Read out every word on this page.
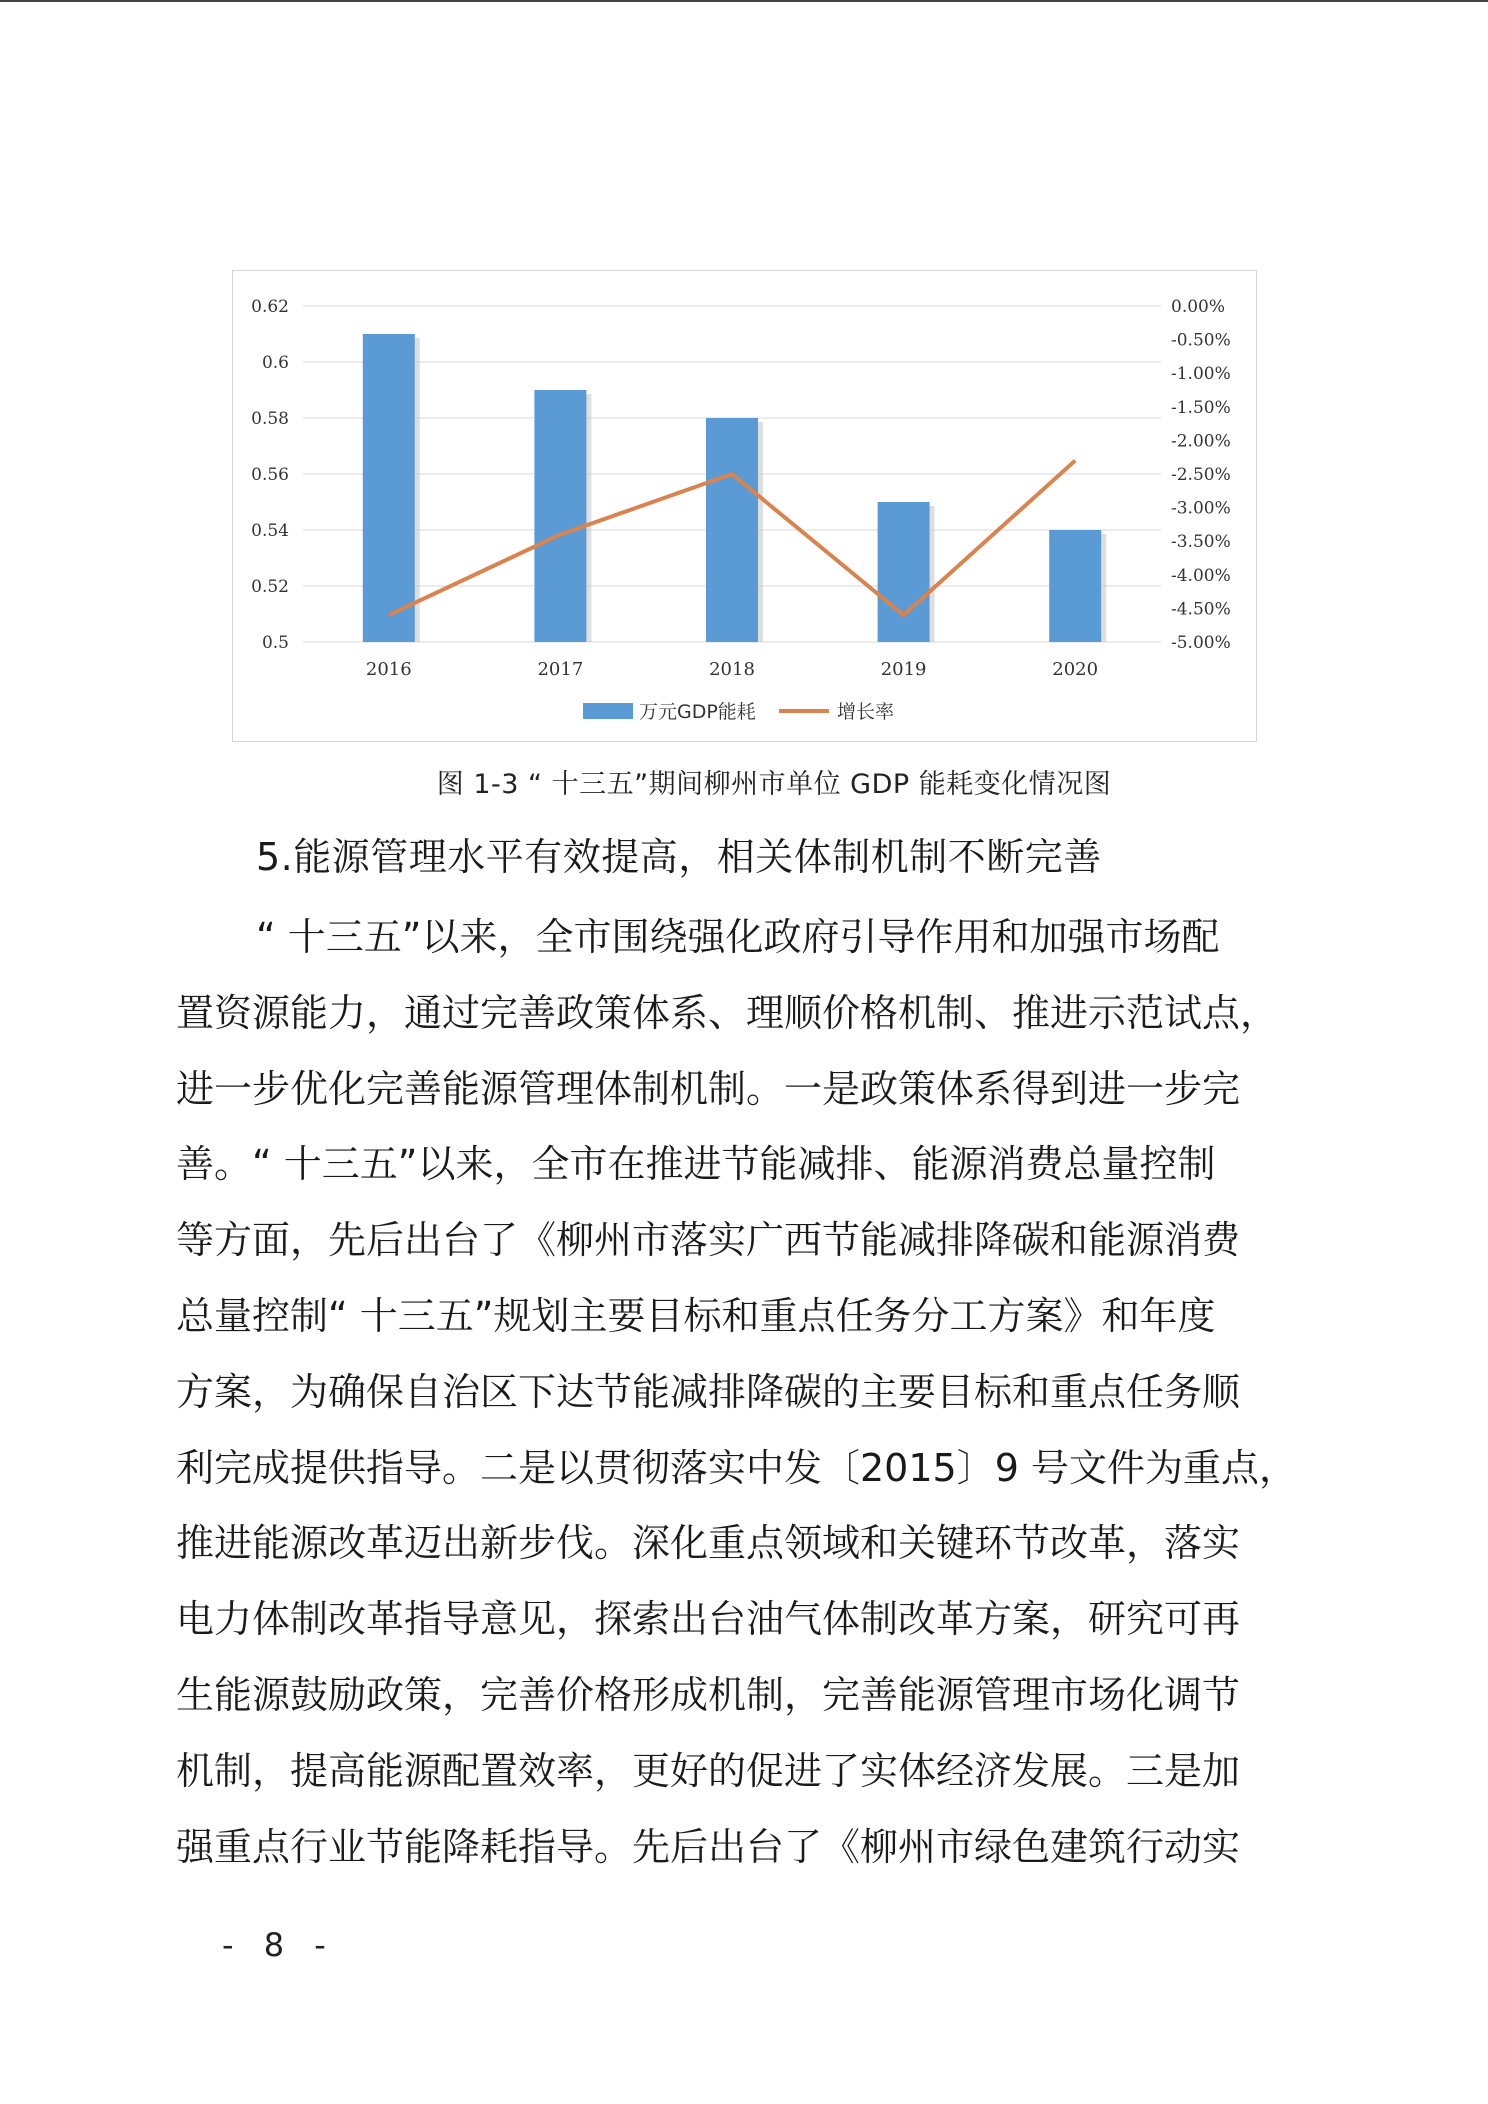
0.5
0.52
0.54
0.56
0.58
0.6
0.62
-5.00%
-4.50%
-4.00%
-3.50%
-3.00%
-2.50%
-2.00%
-1.50%
-1.00%
-0.50%
0.00%
2016	2017	2018	2019	2020
万元GDP能耗	增长率
图 1-3 “ 十三五”期间柳州市单位 GDP 能耗变化情况图
5.能源管理水平有效提高，相关体制机制不断完善
“ 十三五”以来，全市围绕强化政府引导作用和加强市场配
置资源能力，通过完善政策体系、理顺价格机制、推进示范试点，
进一步优化完善能源管理体制机制。一是政策体系得到进一步完
善。“ 十三五”以来，全市在推进节能减排、能源消费总量控制
等方面，先后出台了《柳州市落实广西节能减排降碳和能源消费
总量控制“ 十三五”规划主要目标和重点任务分工方案》和年度
方案，为确保自治区下达节能减排降碳的主要目标和重点任务顺
利完成提供指导。二是以贯彻落实中发〔2015〕9 号文件为重点，
推进能源改革迈出新步伐。深化重点领域和关键环节改革，落实
电力体制改革指导意见，探索出台油气体制改革方案，研究可再
生能源鼓励政策，完善价格形成机制，完善能源管理市场化调节
机制，提高能源配置效率，更好的促进了实体经济发展。三是加
强重点行业节能降耗指导。先后出台了《柳州市绿色建筑行动实
- 8 -
